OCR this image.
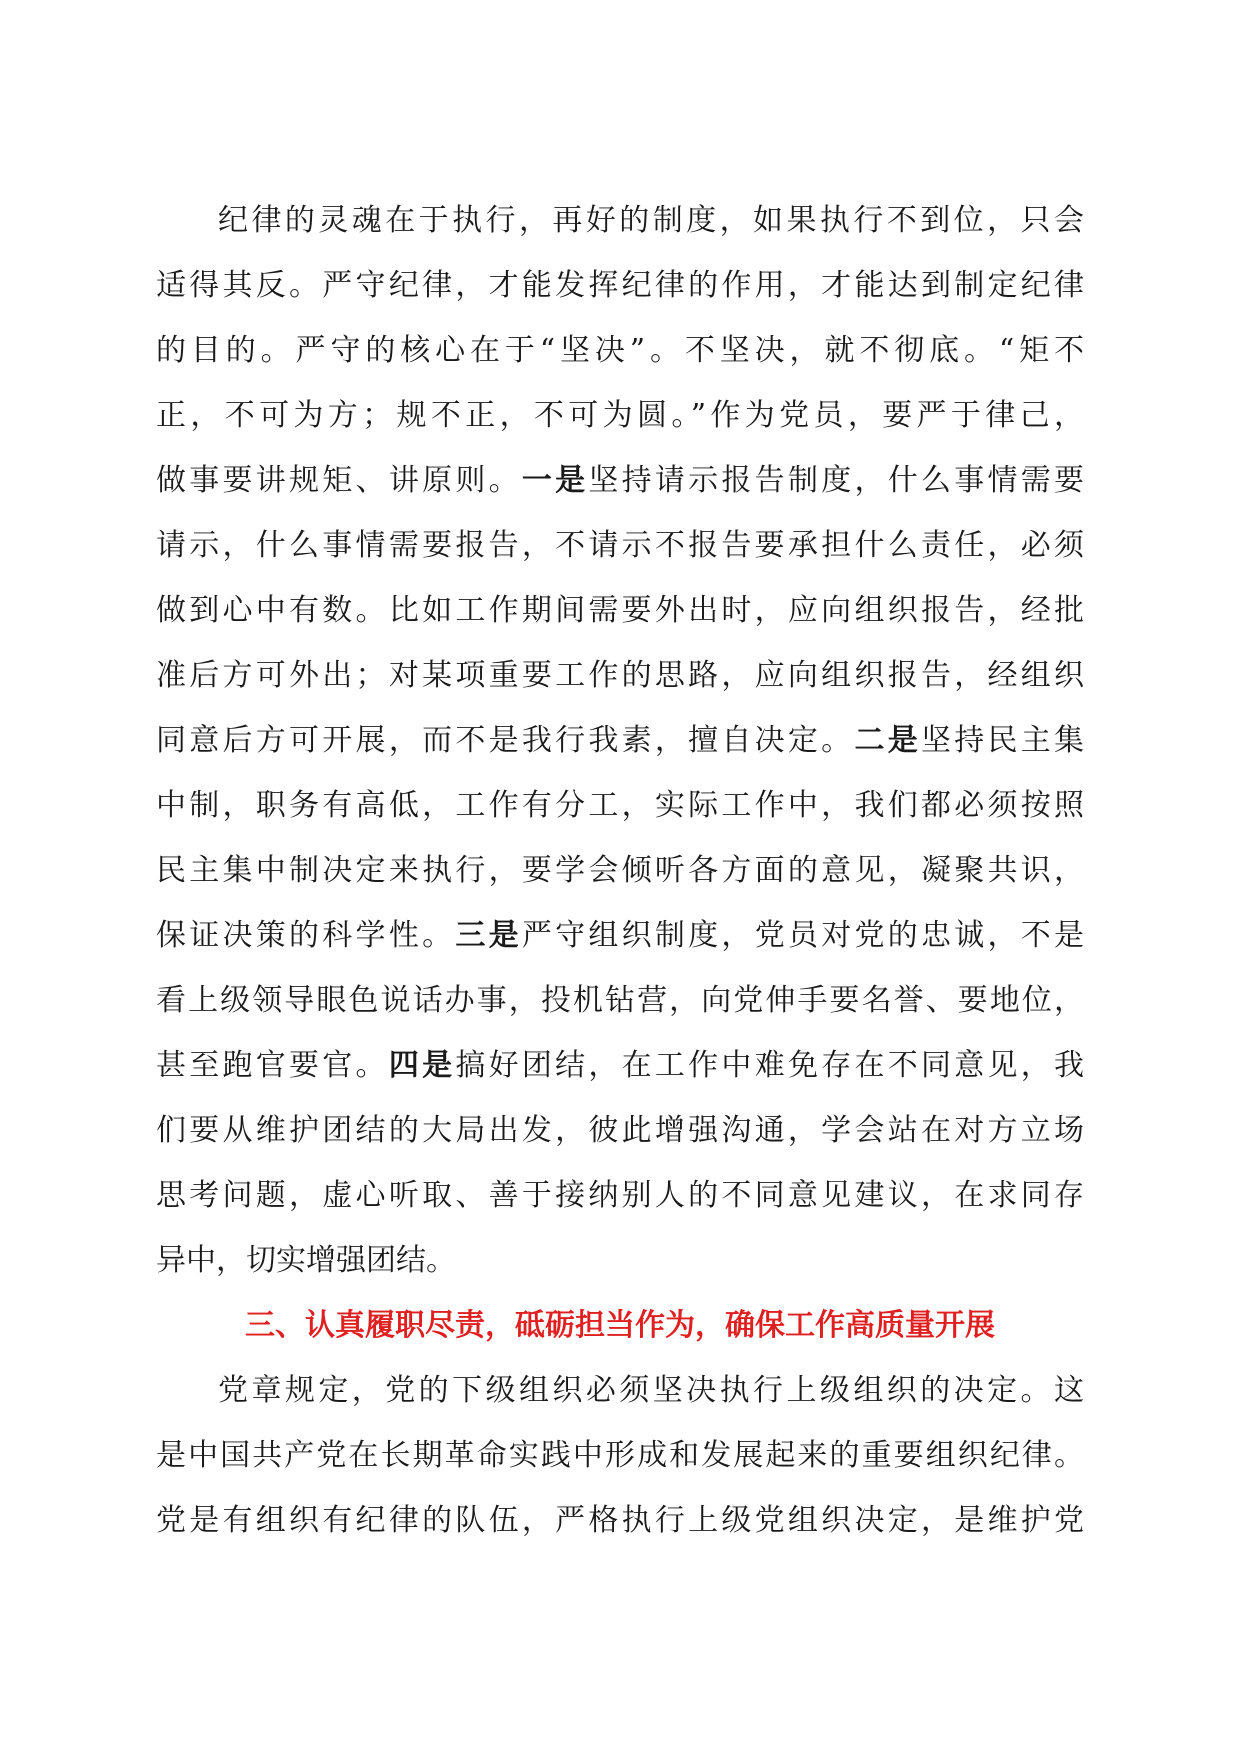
纪律的灵魂在于执行，再好的制度，如果执行不到位，只会
适得其反。严守纪律，才能发挥纪律的作用，才能达到制定纪律
的目的。严守的核心在于“坚决”。不坚决，就不彻底。“矩不
正，不可为方；规不正，不可为圆。”作为党员，要严于律己，
做事要讲规矩、讲原则。一是坚持请示报告制度，什么事情需要
请示，什么事情需要报告，不请示不报告要承担什么责任，必须
做到心中有数。比如工作期间需要外出时，应向组织报告，经批
准后方可外出；对某项重要工作的思路，应向组织报告，经组织
同意后方可开展，而不是我行我素，擅自决定。二是坚持民主集
中制，职务有高低，工作有分工，实际工作中，我们都必须按照
民主集中制决定来执行，要学会倾听各方面的意见，凝聚共识，
保证决策的科学性。三是严守组织制度，党员对党的忠诚，不是
看上级领导眼色说话办事，投机钻营，向党伸手要名誉、要地位，
甚至跑官要官。四是搞好团结，在工作中难免存在不同意见，我
们要从维护团结的大局出发，彼此增强沟通，学会站在对方立场
思考问题，虚心听取、善于接纳别人的不同意见建议，在求同存
异中，切实增强团结。
三、认真履职尽责，砥砺担当作为，确保工作高质量开展
党章规定，党的下级组织必须坚决执行上级组织的决定。这
是中国共产党在长期革命实践中形成和发展起来的重要组织纪律。
党是有组织有纪律的队伍，严格执行上级党组织决定，是维护党
